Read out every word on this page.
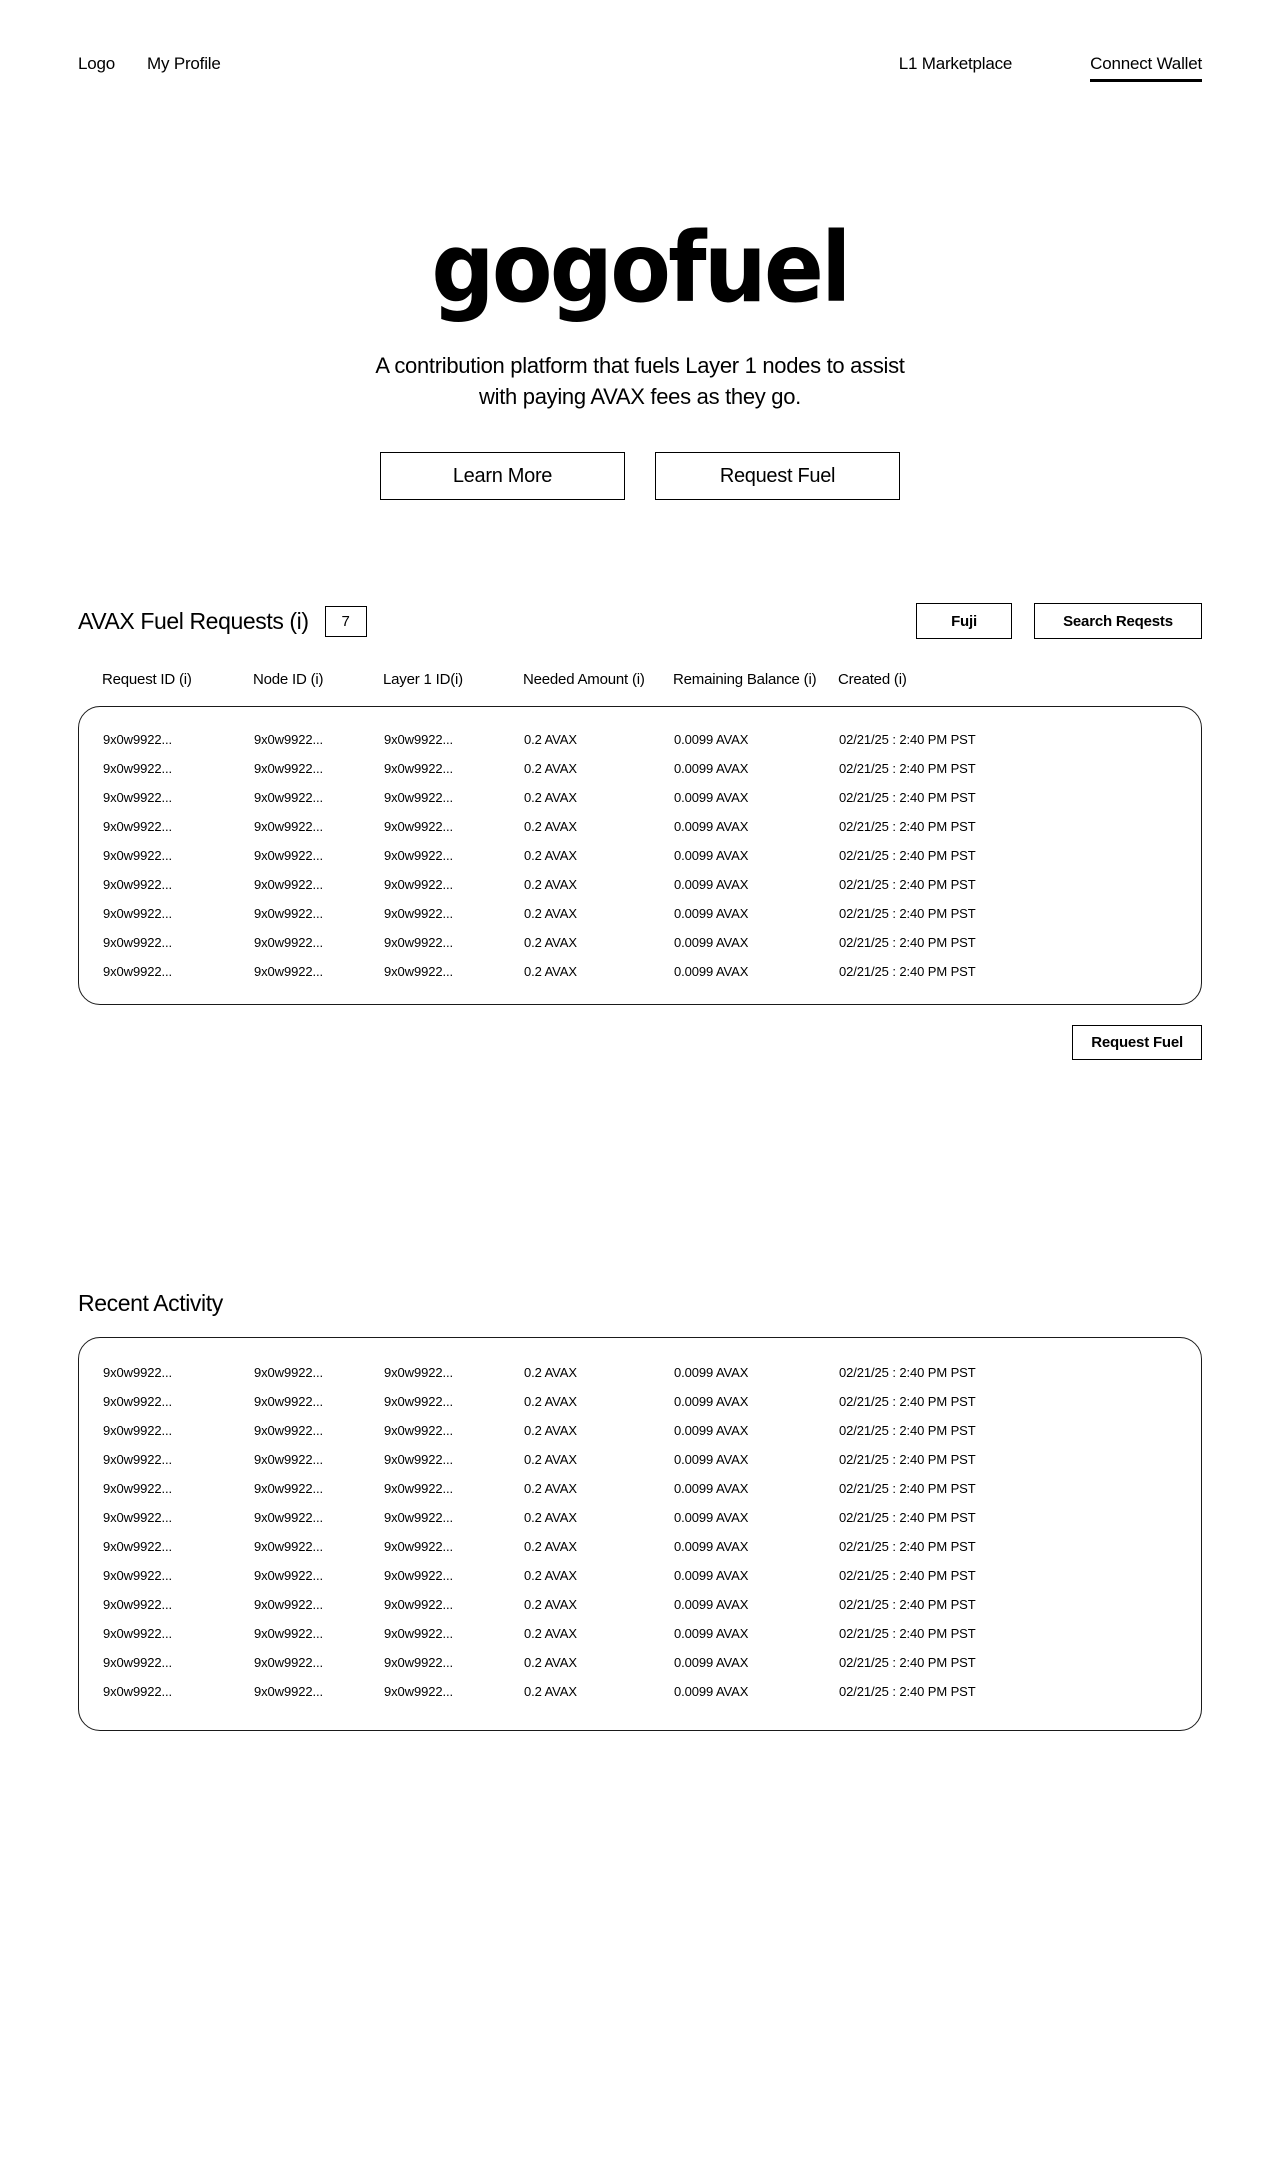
Logo My Profile	L1 Marketplace	Connect Wallet
gogofuel
A contribution platform that fuels Layer 1 nodes to assist
with paying AVAX fees as they go.
Learn More	Request Fuel
AVAX Fuel Requests (i)	7	Fuji	Search Reqests
Request ID (i)	Node ID (i)	Layer 1 ID(i)	Needed Amount (i)	Remaining Balance (i)	Created (i)
9x0w9922...	9x0w9922...	9x0w9922...	0.2 AVAX	0.0099 AVAX	02/21/25 : 2:40 PM PST
9x0w9922...	9x0w9922...	9x0w9922...	0.2 AVAX	0.0099 AVAX	02/21/25 : 2:40 PM PST
9x0w9922...	9x0w9922...	9x0w9922...	0.2 AVAX	0.0099 AVAX	02/21/25 : 2:40 PM PST
9x0w9922...	9x0w9922...	9x0w9922...	0.2 AVAX	0.0099 AVAX	02/21/25 : 2:40 PM PST
9x0w9922...	9x0w9922...	9x0w9922...	0.2 AVAX	0.0099 AVAX	02/21/25 : 2:40 PM PST
9x0w9922...	9x0w9922...	9x0w9922...	0.2 AVAX	0.0099 AVAX	02/21/25 : 2:40 PM PST
9x0w9922...	9x0w9922...	9x0w9922...	0.2 AVAX	0.0099 AVAX	02/21/25 : 2:40 PM PST
9x0w9922...	9x0w9922...	9x0w9922...	0.2 AVAX	0.0099 AVAX	02/21/25 : 2:40 PM PST
9x0w9922...	9x0w9922...	9x0w9922...	0.2 AVAX	0.0099 AVAX	02/21/25 : 2:40 PM PST
Request Fuel
Recent Activity
9x0w9922...	9x0w9922...	9x0w9922...	0.2 AVAX	0.0099 AVAX	02/21/25 : 2:40 PM PST
9x0w9922...	9x0w9922...	9x0w9922...	0.2 AVAX	0.0099 AVAX	02/21/25 : 2:40 PM PST
9x0w9922...	9x0w9922...	9x0w9922...	0.2 AVAX	0.0099 AVAX	02/21/25 : 2:40 PM PST
9x0w9922...	9x0w9922...	9x0w9922...	0.2 AVAX	0.0099 AVAX	02/21/25 : 2:40 PM PST
9x0w9922...	9x0w9922...	9x0w9922...	0.2 AVAX	0.0099 AVAX	02/21/25 : 2:40 PM PST
9x0w9922...	9x0w9922...	9x0w9922...	0.2 AVAX	0.0099 AVAX	02/21/25 : 2:40 PM PST
9x0w9922...	9x0w9922...	9x0w9922...	0.2 AVAX	0.0099 AVAX	02/21/25 : 2:40 PM PST
9x0w9922...	9x0w9922...	9x0w9922...	0.2 AVAX	0.0099 AVAX	02/21/25 : 2:40 PM PST
9x0w9922...	9x0w9922...	9x0w9922...	0.2 AVAX	0.0099 AVAX	02/21/25 : 2:40 PM PST
9x0w9922...	9x0w9922...	9x0w9922...	0.2 AVAX	0.0099 AVAX	02/21/25 : 2:40 PM PST
9x0w9922...	9x0w9922...	9x0w9922...	0.2 AVAX	0.0099 AVAX	02/21/25 : 2:40 PM PST
9x0w9922...	9x0w9922...	9x0w9922...	0.2 AVAX	0.0099 AVAX	02/21/25 : 2:40 PM PST
